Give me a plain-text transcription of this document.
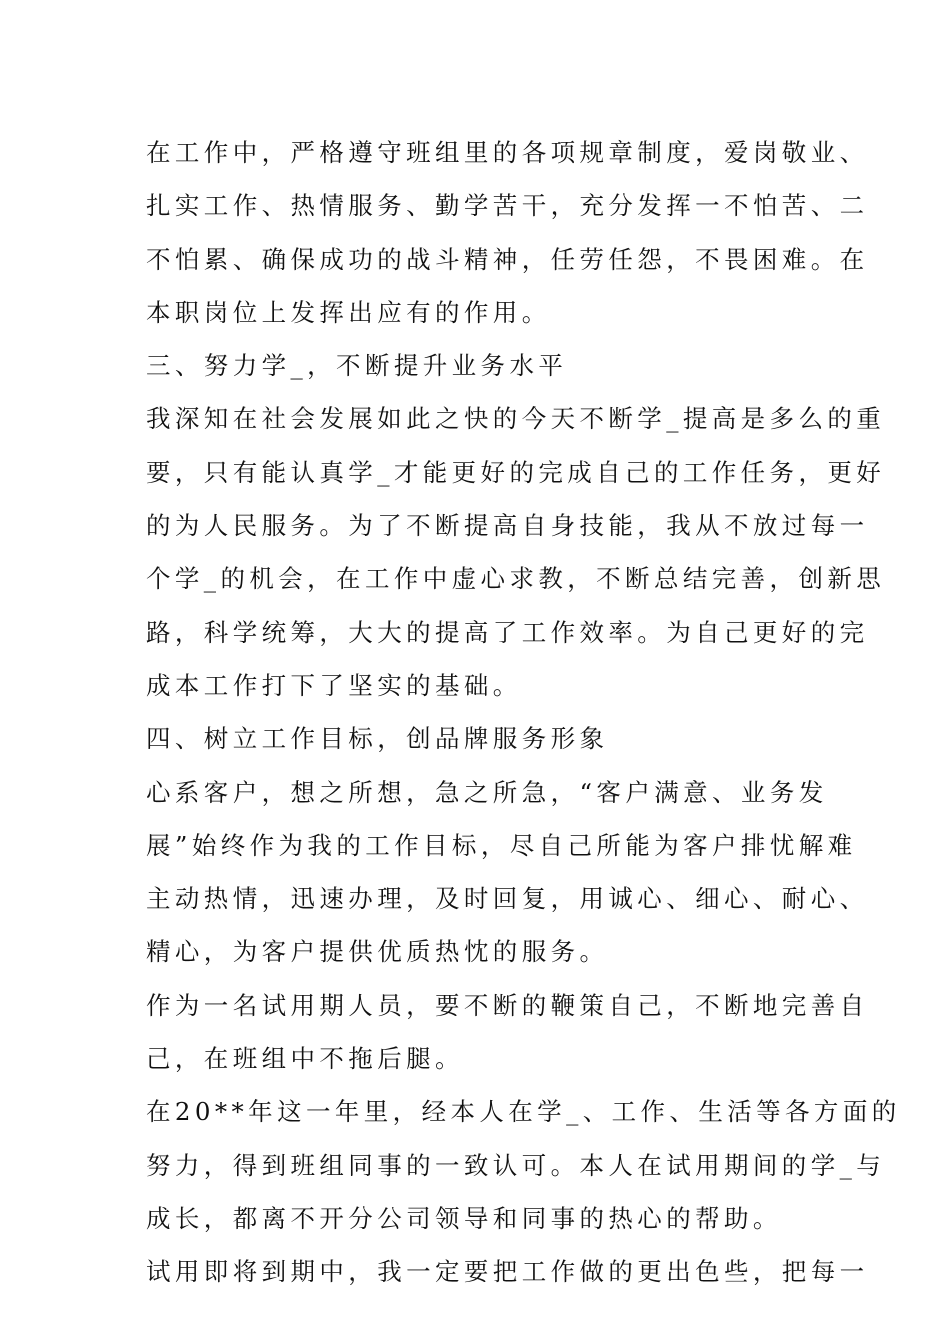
在工作中，严格遵守班组里的各项规章制度，爱岗敬业、
扎实工作、热情服务、勤学苦干，充分发挥一不怕苦、二
不怕累、确保成功的战斗精神，任劳任怨，不畏困难。在
本职岗位上发挥出应有的作用。
三、努力学_，不断提升业务水平
我深知在社会发展如此之快的今天不断学_提高是多么的重
要，只有能认真学_才能更好的完成自己的工作任务，更好
的为人民服务。为了不断提高自身技能，我从不放过每一
个学_的机会，在工作中虚心求教，不断总结完善，创新思
路，科学统筹，大大的提高了工作效率。为自己更好的完
成本工作打下了坚实的基础。
四、树立工作目标，创品牌服务形象
心系客户，想之所想，急之所急，“客户满意、业务发
展”始终作为我的工作目标，尽自己所能为客户排忧解难
主动热情，迅速办理，及时回复，用诚心、细心、耐心、
精心，为客户提供优质热忱的服务。
作为一名试用期人员，要不断的鞭策自己，不断地完善自
己，在班组中不拖后腿。
在20**年这一年里，经本人在学_、工作、生活等各方面的
努力，得到班组同事的一致认可。本人在试用期间的学_与
成长，都离不开分公司领导和同事的热心的帮助。
试用即将到期中，我一定要把工作做的更出色些，把每一
